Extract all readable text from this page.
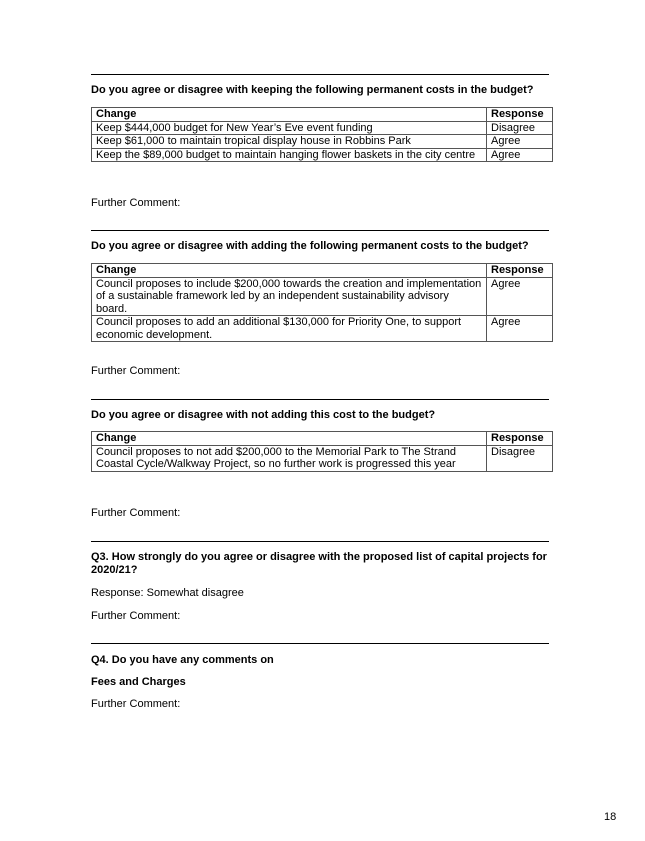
Do you agree or disagree with keeping the following permanent costs in the budget?
Change	Response
Keep $444,000 budget for New Year’s Eve event funding	Disagree
Keep $61,000 to maintain tropical display house in Robbins Park	Agree
Keep the $89,000 budget to maintain hanging flower baskets in the city centre	Agree
Further Comment:
Do you agree or disagree with adding the following permanent costs to the budget?
Change	Response
Council proposes to include $200,000 towards the creation and implementation of a sustainable framework led by an independent sustainability advisory board.	Agree
Council proposes to add an additional $130,000 for Priority One, to support economic development.	Agree
Further Comment:
Do you agree or disagree with not adding this cost to the budget?
Change	Response
Council proposes to not add $200,000 to the Memorial Park to The Strand Coastal Cycle/Walkway Project, so no further work is progressed this year	Disagree
Further Comment:
Q3. How strongly do you agree or disagree with the proposed list of capital projects for 2020/21?
Response: Somewhat disagree
Further Comment:
Q4. Do you have any comments on
Fees and Charges
Further Comment:
18
